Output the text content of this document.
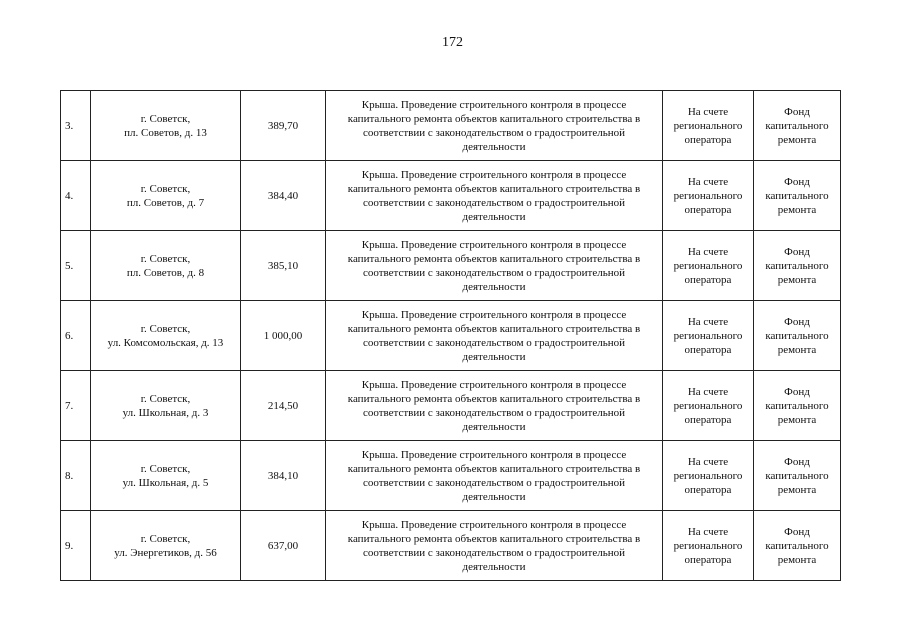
172
3.	г. Советск,
пл. Советов, д. 13	389,70	Крыша. Проведение строительного контроля в процессе
капитального ремонта объектов капитального строительства в
соответствии с законодательством о градостроительной
деятельности	На счете
регионального
оператора	Фонд
капитального
ремонта

4.	г. Советск,
пл. Советов, д. 7	384,40	Крыша. Проведение строительного контроля в процессе
капитального ремонта объектов капитального строительства в
соответствии с законодательством о градостроительной
деятельности	На счете
регионального
оператора	Фонд
капитального
ремонта

5.	г. Советск,
пл. Советов, д. 8	385,10	Крыша. Проведение строительного контроля в процессе
капитального ремонта объектов капитального строительства в
соответствии с законодательством о градостроительной
деятельности	На счете
регионального
оператора	Фонд
капитального
ремонта

6.	г. Советск,
ул. Комсомольская, д. 13	1 000,00	Крыша. Проведение строительного контроля в процессе
капитального ремонта объектов капитального строительства в
соответствии с законодательством о градостроительной
деятельности	На счете
регионального
оператора	Фонд
капитального
ремонта

7.	г. Советск,
ул. Школьная, д. 3	214,50	Крыша. Проведение строительного контроля в процессе
капитального ремонта объектов капитального строительства в
соответствии с законодательством о градостроительной
деятельности	На счете
регионального
оператора	Фонд
капитального
ремонта

8.	г. Советск,
ул. Школьная, д. 5	384,10	Крыша. Проведение строительного контроля в процессе
капитального ремонта объектов капитального строительства в
соответствии с законодательством о градостроительной
деятельности	На счете
регионального
оператора	Фонд
капитального
ремонта

9.	г. Советск,
ул. Энергетиков, д. 56	637,00	Крыша. Проведение строительного контроля в процессе
капитального ремонта объектов капитального строительства в
соответствии с законодательством о градостроительной
деятельности	На счете
регионального
оператора	Фонд
капитального
ремонта
